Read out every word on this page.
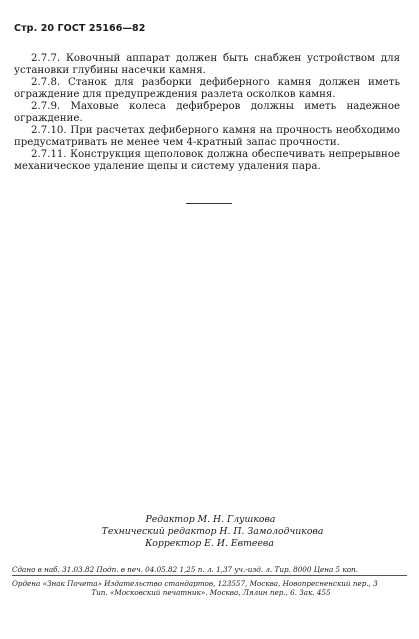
Стр. 20 ГОСТ 25166—82

2.7.7. Ковочный аппарат должен быть снабжен устройством для установки глубины насечки камня.

2.7.8. Станок для разборки дефиберного камня должен иметь ограждение для предупреждения разлета осколков камня.

2.7.9. Маховые колеса дефибреров должны иметь надежное ограждение.

2.7.10. При расчетах дефиберного камня на прочность необходимо предусматривать не менее чем 4-кратный запас прочности.

2.7.11. Конструкция щеполовок должна обеспечивать непрерывное механическое удаление щепы и систему удаления пара.

Редактор М. Н. Глушкова
Технический редактор Н. П. Замолодчикова
Корректор Е. И. Евтеева
Сдано в наб. 31.03.82 Подп. в печ. 04.05.82 1,25 п. л. 1,37 уч.-изд. л. Тир. 8000 Цена 5 коп.
Ордена «Знак Почета» Издательство стандартов, 123557, Москва, Новопресненский пер., 3
Тип. «Московский печатник». Москва, Лялин пер., 6. Зак. 455
